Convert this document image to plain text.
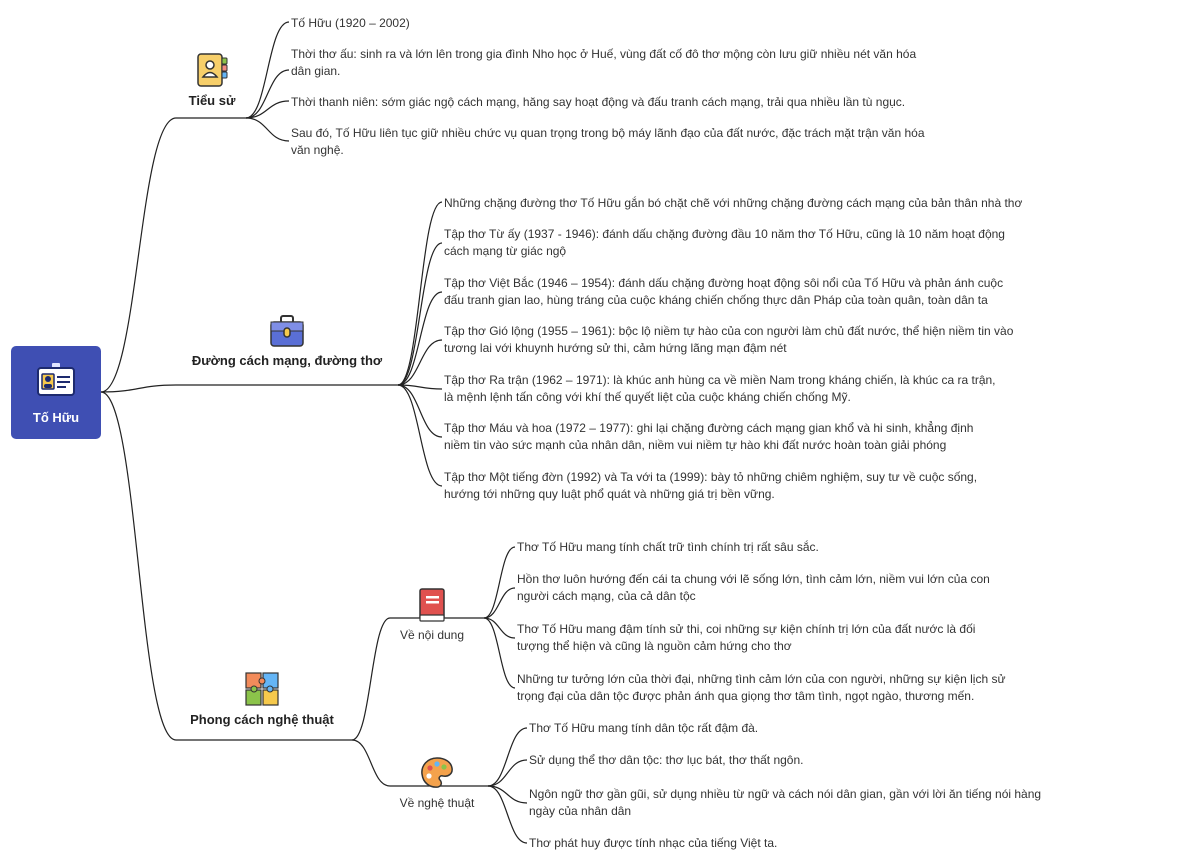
Tố Hữu
Tiểu sử
Đường cách mạng, đường thơ
Phong cách nghệ thuật
Về nội dung
Về nghệ thuật
Tố Hữu (1920 – 2002)
Thời thơ ấu: sinh ra và lớn lên trong gia đình Nho học ở Huế, vùng đất cố đô thơ mộng còn lưu giữ nhiều nét văn hóa
dân gian.
Thời thanh niên: sớm giác ngộ cách mạng, hăng say hoạt động và đấu tranh cách mạng, trải qua nhiều lần tù ngục.
Sau đó, Tố Hữu liên tục giữ nhiều chức vụ quan trọng trong bộ máy lãnh đạo của đất nước, đặc trách mặt trận văn hóa
văn nghệ.
Những chặng đường thơ Tố Hữu gắn bó chặt chẽ với những chặng đường cách mạng của bản thân nhà thơ
Tập thơ Từ ấy (1937 - 1946): đánh dấu chặng đường đầu 10 năm thơ Tố Hữu, cũng là 10 năm hoạt động
cách mạng từ giác ngộ
Tập thơ Việt Bắc (1946 – 1954): đánh dấu chặng đường hoạt động sôi nổi của Tố Hữu và phản ánh cuộc
đấu tranh gian lao, hùng tráng của cuộc kháng chiến chống thực dân Pháp của toàn quân, toàn dân ta
Tập thơ Gió lộng (1955 – 1961): bộc lộ niềm tự hào của con người làm chủ đất nước, thể hiện niềm tin vào
tương lai với khuynh hướng sử thi, cảm hứng lãng mạn đậm nét
Tập thơ Ra trận (1962 – 1971): là khúc anh hùng ca về miền Nam trong kháng chiến, là khúc ca ra trận,
là mệnh lệnh tấn công với khí thế quyết liệt của cuộc kháng chiến chống Mỹ.
Tập thơ Máu và hoa (1972 – 1977): ghi lại chặng đường cách mạng gian khổ và hi sinh, khẳng định
niềm tin vào sức mạnh của nhân dân, niềm vui niềm tự hào khi đất nước hoàn toàn giải phóng
Tập thơ Một tiếng đờn (1992) và Ta với ta (1999): bày tỏ những chiêm nghiệm, suy tư về cuộc sống,
hướng tới những quy luật phổ quát và những giá trị bền vững.
Thơ Tố Hữu mang tính chất trữ tình chính trị rất sâu sắc.
Hồn thơ luôn hướng đến cái ta chung với lẽ sống lớn, tình cảm lớn, niềm vui lớn của con
người cách mạng, của cả dân tộc
Thơ Tố Hữu mang đậm tính sử thi, coi những sự kiện chính trị lớn của đất nước là đối
tượng thể hiện và cũng là nguồn cảm hứng cho thơ
Những tư tưởng lớn của thời đại, những tình cảm lớn của con người, những sự kiện lịch sử
trọng đại của dân tộc được phản ánh qua giọng thơ tâm tình, ngọt ngào, thương mến.
Thơ Tố Hữu mang tính dân tộc rất đậm đà.
Sử dụng thể thơ dân tộc: thơ lục bát, thơ thất ngôn.
Ngôn ngữ thơ gần gũi, sử dụng nhiều từ ngữ và cách nói dân gian, gần với lời ăn tiếng nói hàng
ngày của nhân dân
Thơ phát huy được tính nhạc của tiếng Việt ta.
